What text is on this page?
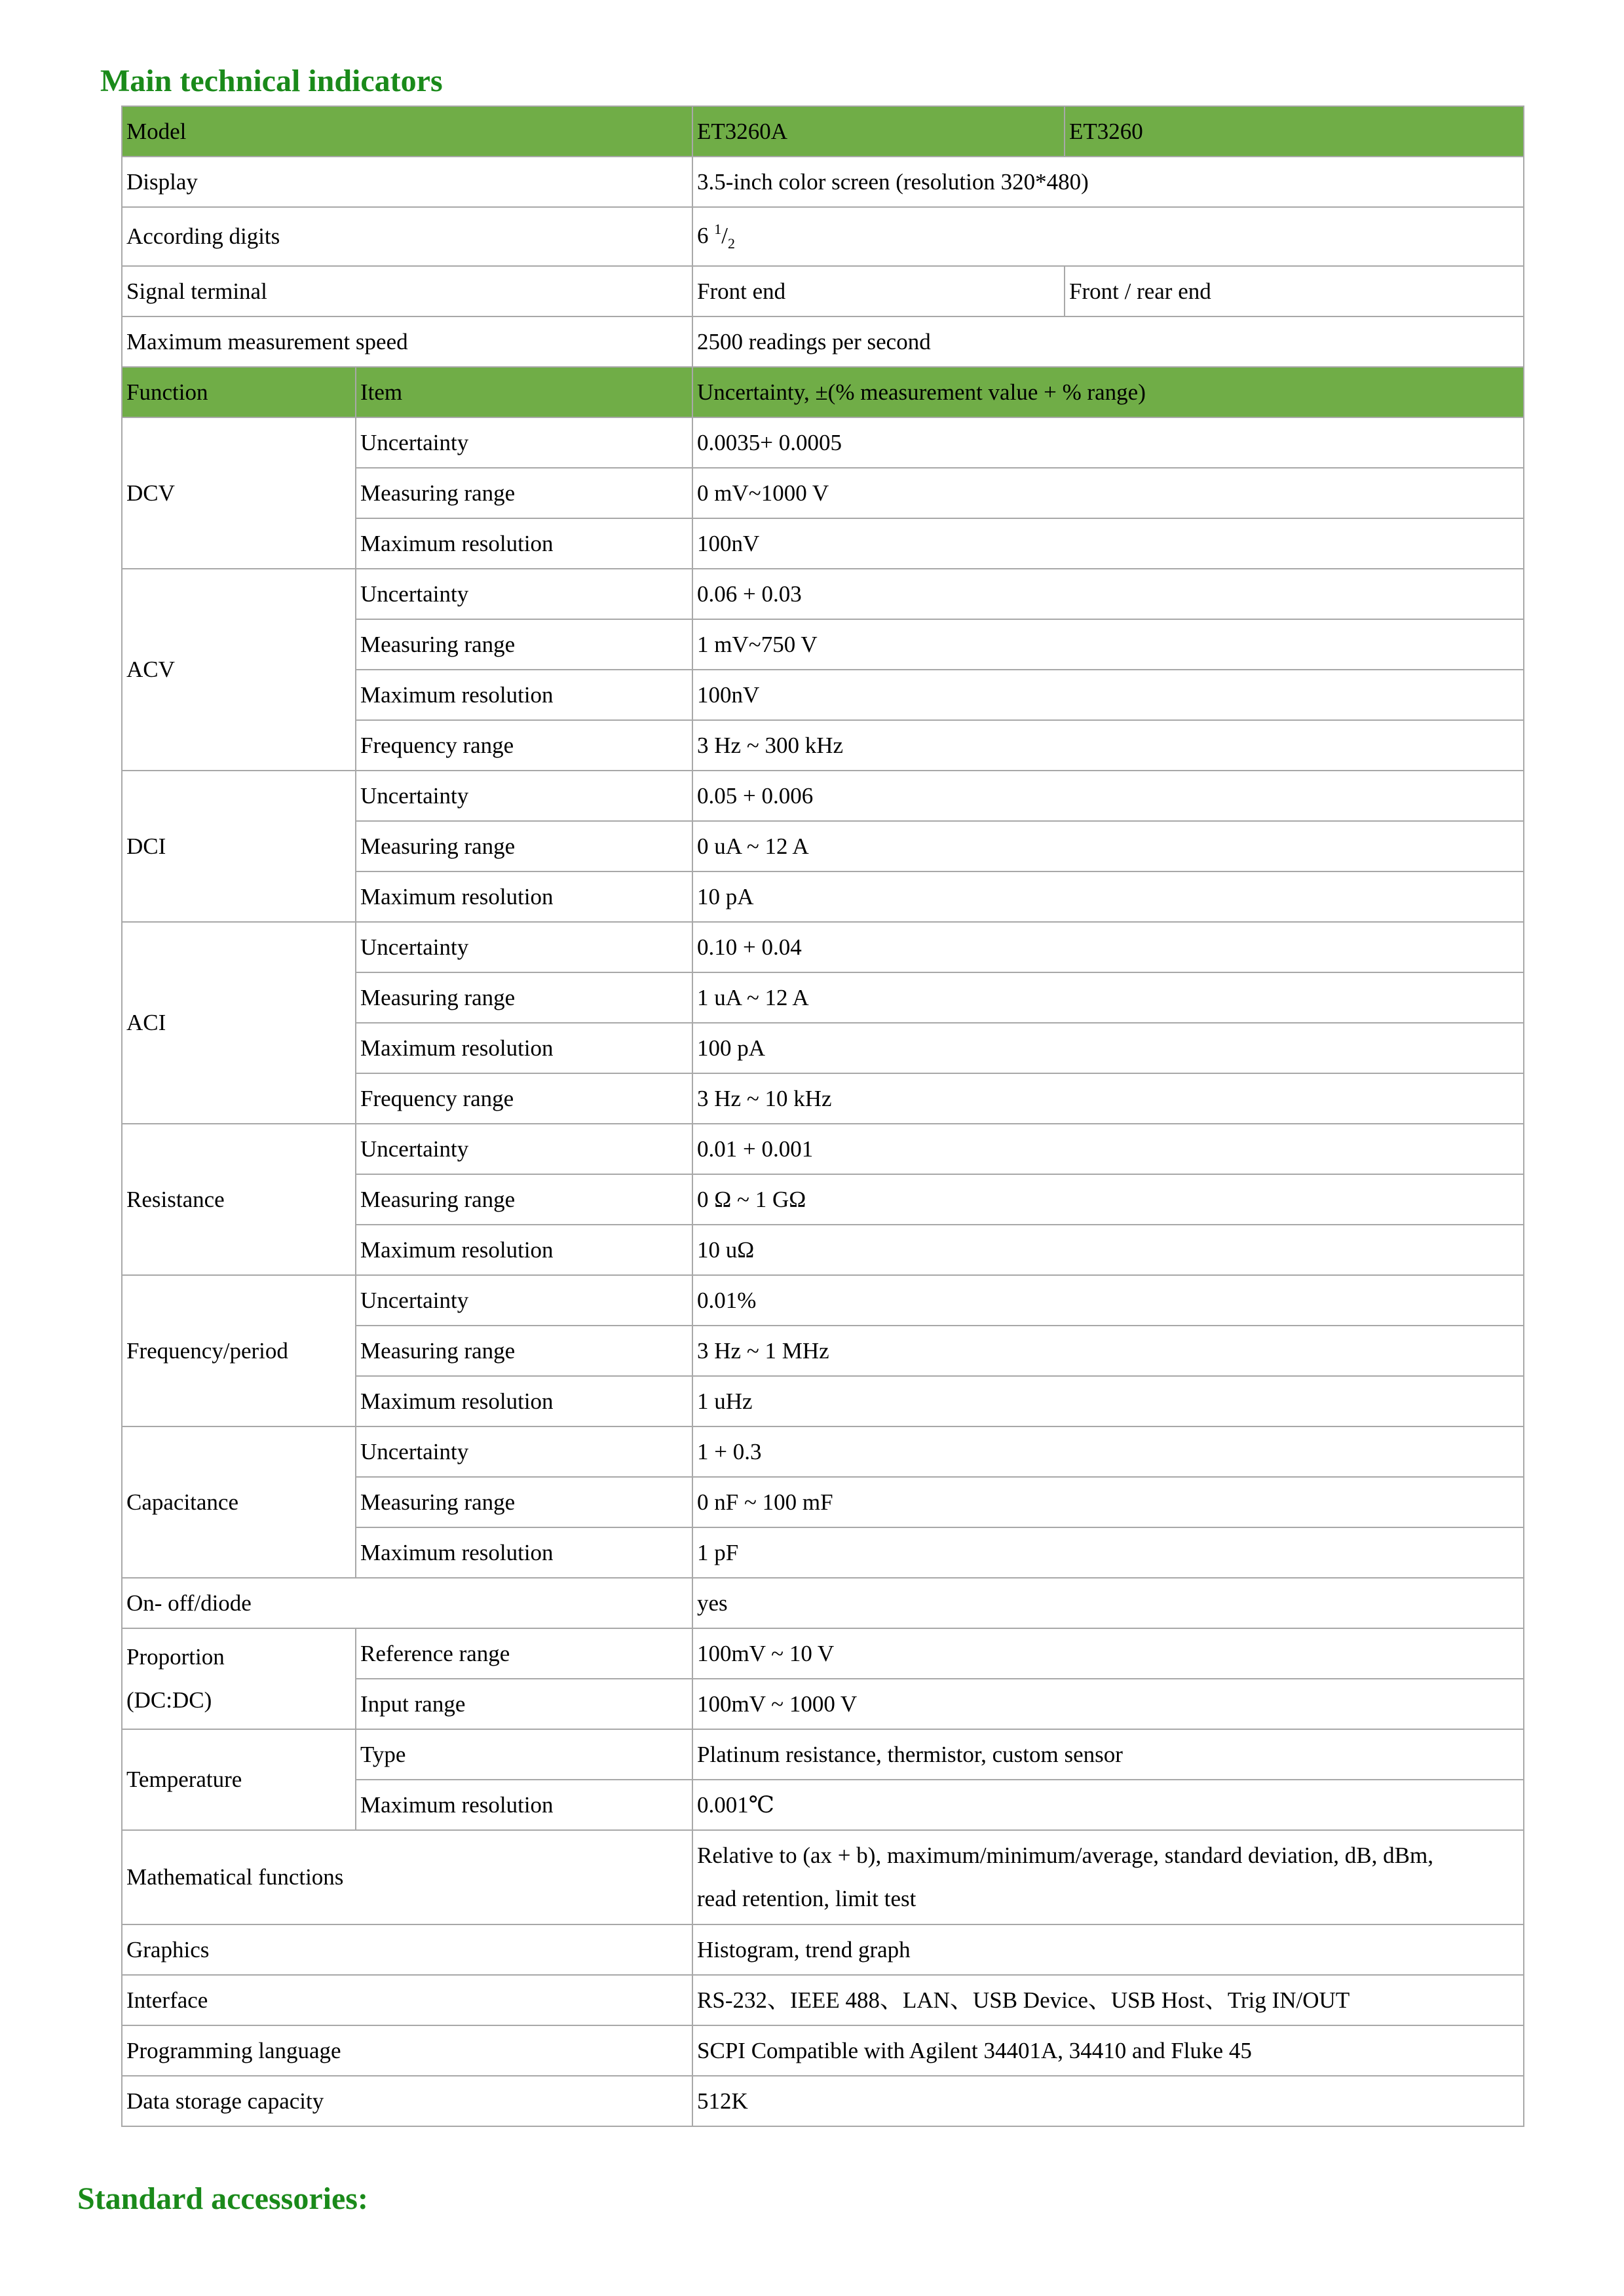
Main technical indicators
Model		ET3260A	ET3260
Display		3.5-inch color screen (resolution 320*480)	
According digits		6 $^1/_2$
Signal terminal		Front end	Front / rear end
Maximum measurement speed		2500 readings per second	
Function	Item	Uncertainty, ±(% measurement value + % range)	
DCV	Uncertainty	0.0035+ 0.0005	
	Measuring range	0 mV~1000 V	
	Maximum resolution	100nV	
ACV	Uncertainty	0.06 + 0.03	
	Measuring range	1 mV~750 V	
	Maximum resolution	100nV	
	Frequency range	3 Hz ~ 300 kHz	
DCI	Uncertainty	0.05 + 0.006	
	Measuring range	0 uA ~ 12 A	
	Maximum resolution	10 pA	
ACI	Uncertainty	0.10 + 0.04	
	Measuring range	1 uA ~ 12 A	
	Maximum resolution	100 pA	
	Frequency range	3 Hz ~ 10 kHz	
Resistance	Uncertainty	0.01 + 0.001	
	Measuring range	0 Ω ~ 1 GΩ	
	Maximum resolution	10 uΩ	
Frequency/period	Uncertainty	0.01%	
	Measuring range	3 Hz ~ 1 MHz	
	Maximum resolution	1 uHz	
Capacitance	Uncertainty	1 + 0.3	
	Measuring range	0 nF ~ 100 mF	
	Maximum resolution	1 pF	
On- off/diode		yes	
Proportion
(DC:DC)	Reference range	100mV ~ 10 V	
	Input range	100mV ~ 1000 V	
Temperature	Type	Platinum resistance, thermistor, custom sensor	
	Maximum resolution	0.001℃	
Mathematical functions		Relative to (ax + b), maximum/minimum/average, standard deviation, dB, dBm,
read retention, limit test	
Graphics		Histogram, trend graph	
Interface		RS-232、IEEE 488、LAN、USB Device、USB Host、Trig IN/OUT	
Programming language		SCPI Compatible with Agilent 34401A, 34410 and Fluke 45	
Data storage capacity		512K	
Standard accessories:
